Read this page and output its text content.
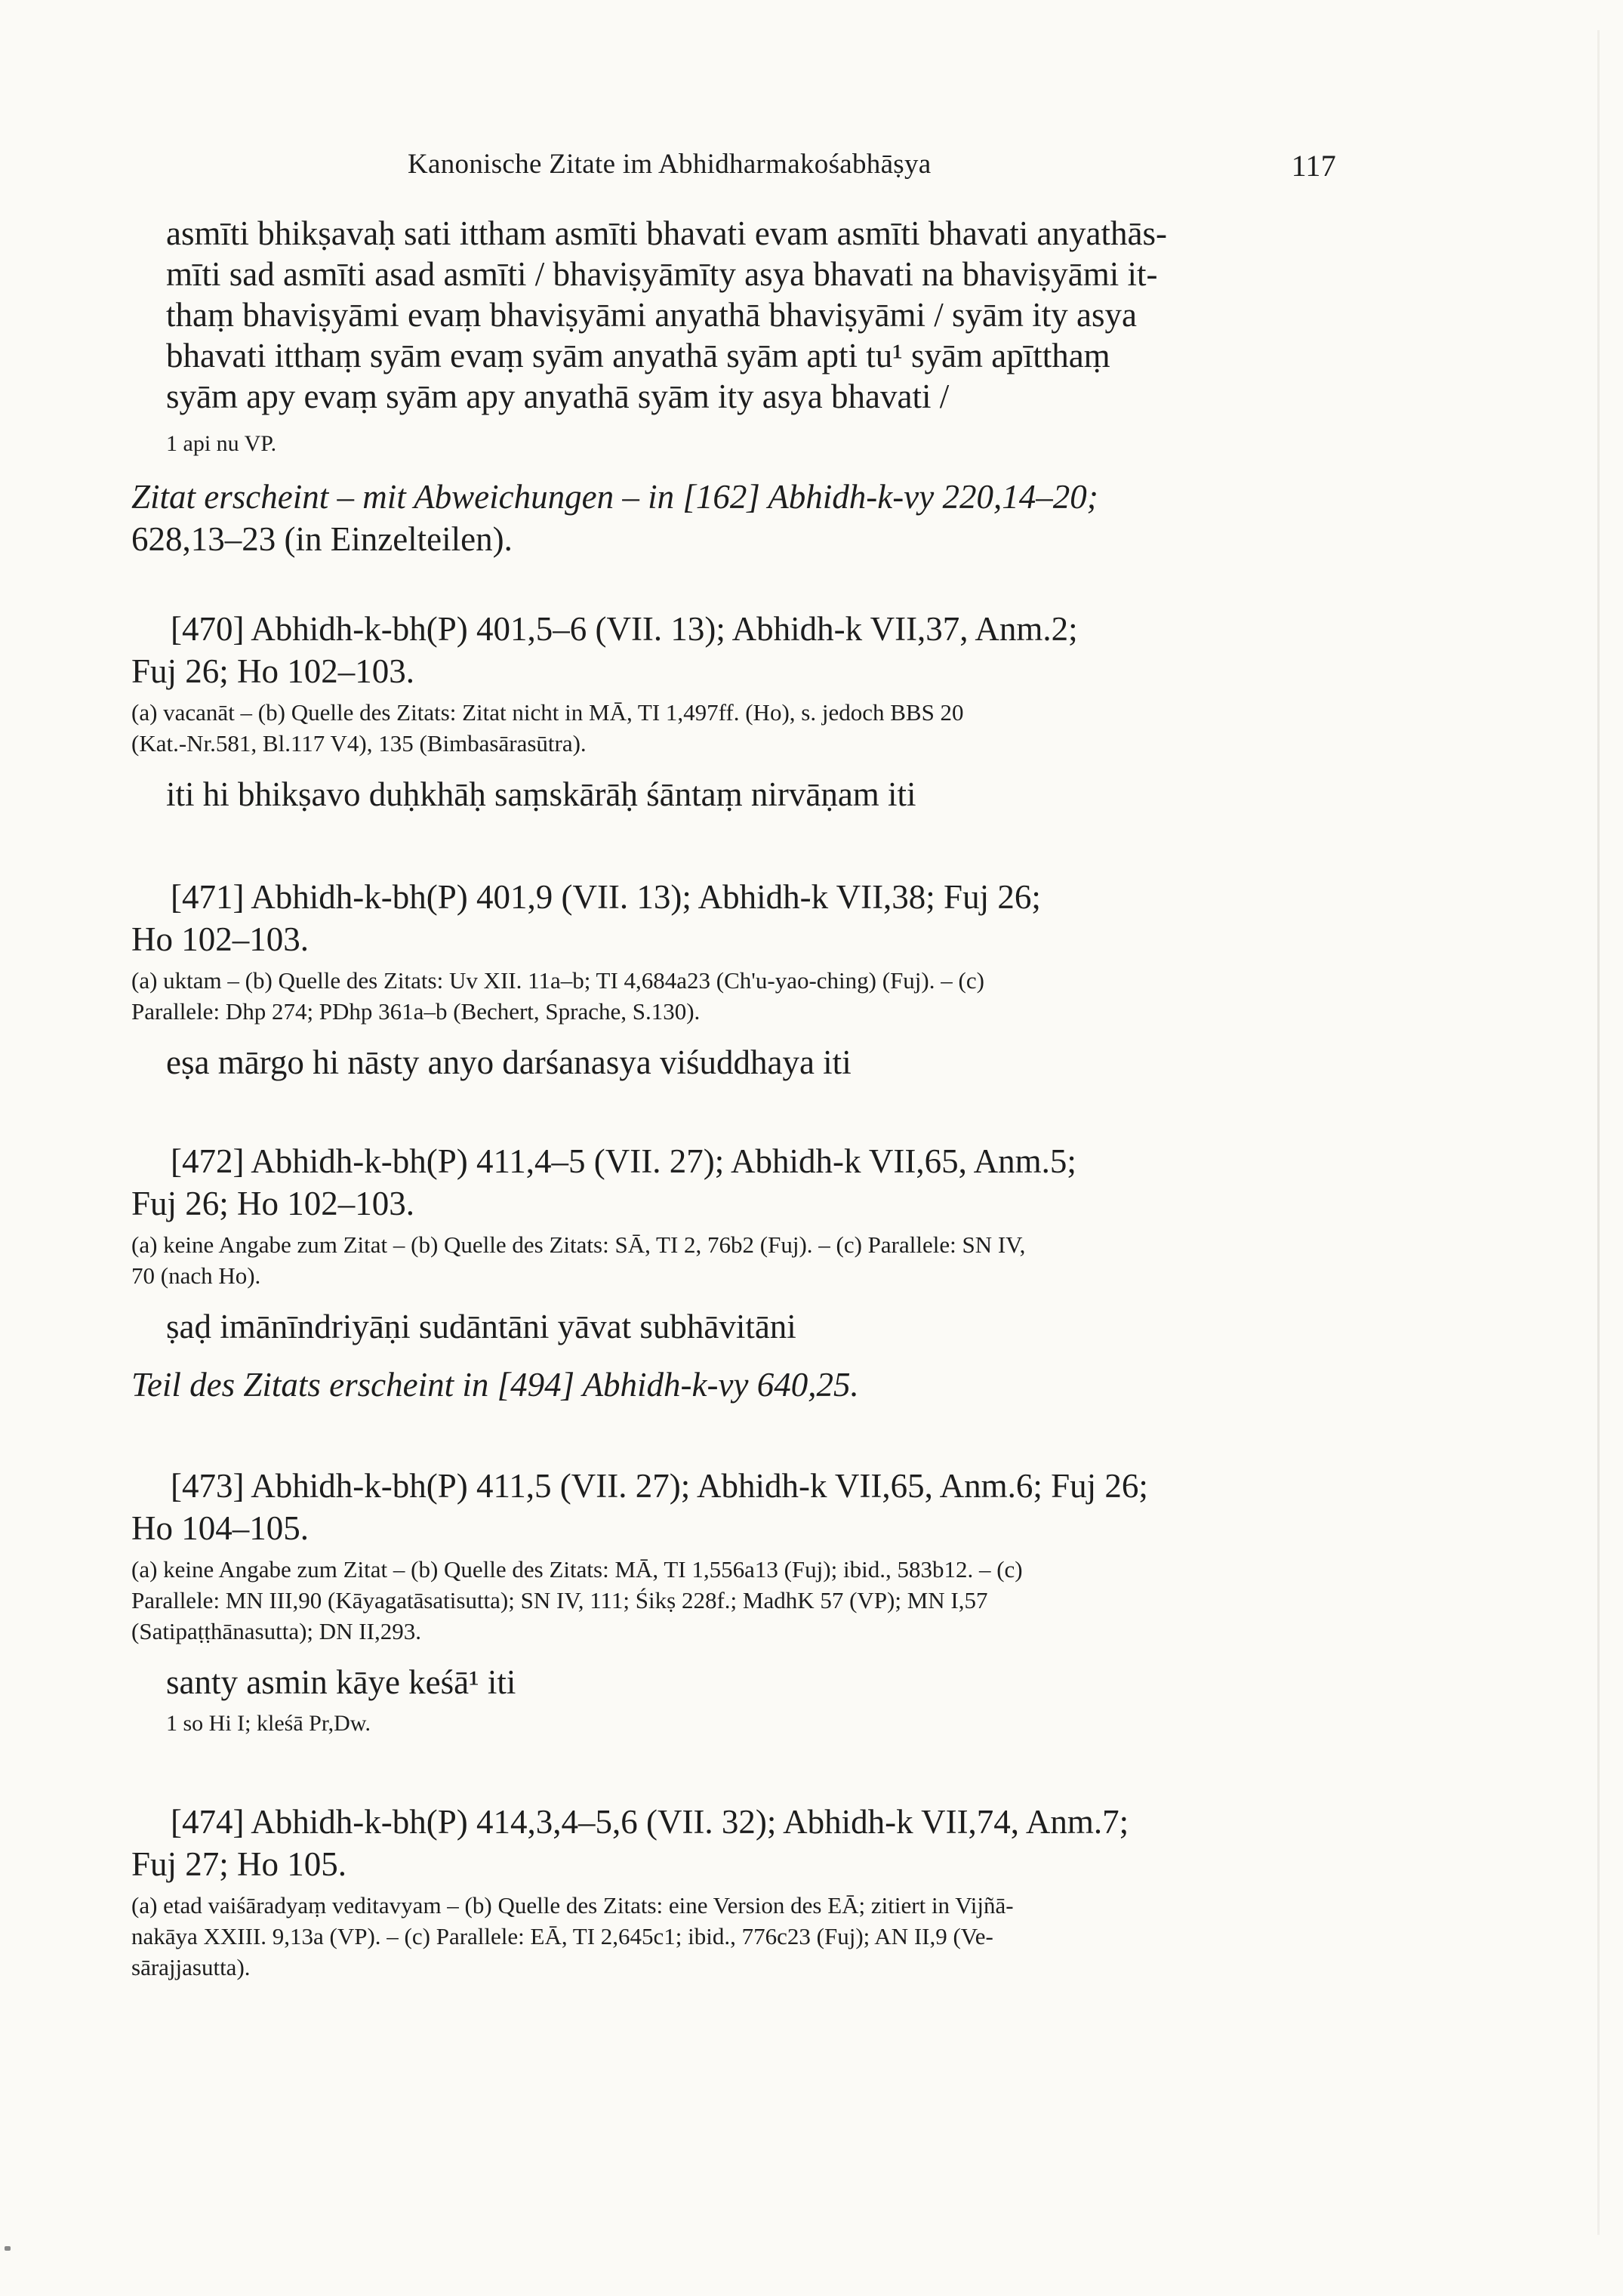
Kanonische Zitate im Abhidharmakośabhāṣya	117
asmīti bhikṣavaḥ sati ittham asmīti bhavati evam asmīti bhavati anyathās-
mīti sad asmīti asad asmīti / bhaviṣyāmīty asya bhavati na bhaviṣyāmi it-
thaṃ bhaviṣyāmi evaṃ bhaviṣyāmi anyathā bhaviṣyāmi / syām ity asya
bhavati itthaṃ syām evaṃ syām anyathā syām apti tu¹ syām apītthaṃ
syām apy evaṃ syām apy anyathā syām ity asya bhavati /
1 api nu VP.
Zitat erscheint – mit Abweichungen – in [162] Abhidh-k-vy 220,14–20;
628,13–23 (in Einzelteilen).
[470] Abhidh-k-bh(P) 401,5–6 (VII. 13); Abhidh-k VII,37, Anm.2;
Fuj 26; Ho 102–103.
(a) vacanāt – (b) Quelle des Zitats: Zitat nicht in MĀ, TI 1,497ff. (Ho), s. jedoch BBS 20
(Kat.-Nr.581, Bl.117 V4), 135 (Bimbasārasūtra).
iti hi bhikṣavo duḥkhāḥ saṃskārāḥ śāntaṃ nirvāṇam iti
[471] Abhidh-k-bh(P) 401,9 (VII. 13); Abhidh-k VII,38; Fuj 26;
Ho 102–103.
(a) uktam – (b) Quelle des Zitats: Uv XII. 11a–b; TI 4,684a23 (Ch'u-yao-ching) (Fuj). – (c)
Parallele: Dhp 274; PDhp 361a–b (Bechert, Sprache, S.130).
eṣa mārgo hi nāsty anyo darśanasya viśuddhaya iti
[472] Abhidh-k-bh(P) 411,4–5 (VII. 27); Abhidh-k VII,65, Anm.5;
Fuj 26; Ho 102–103.
(a) keine Angabe zum Zitat – (b) Quelle des Zitats: SĀ, TI 2, 76b2 (Fuj). – (c) Parallele: SN IV,
70 (nach Ho).
ṣaḍ imānīndriyāṇi sudāntāni yāvat subhāvitāni
Teil des Zitats erscheint in [494] Abhidh-k-vy 640,25.
[473] Abhidh-k-bh(P) 411,5 (VII. 27); Abhidh-k VII,65, Anm.6; Fuj 26;
Ho 104–105.
(a) keine Angabe zum Zitat – (b) Quelle des Zitats: MĀ, TI 1,556a13 (Fuj); ibid., 583b12. – (c)
Parallele: MN III,90 (Kāyagatāsatisutta); SN IV, 111; Śikṣ 228f.; MadhK 57 (VP); MN I,57
(Satipaṭṭhānasutta); DN II,293.
santy asmin kāye keśā¹ iti
1 so Hi I; kleśā Pr,Dw.
[474] Abhidh-k-bh(P) 414,3,4–5,6 (VII. 32); Abhidh-k VII,74, Anm.7;
Fuj 27; Ho 105.
(a) etad vaiśāradyaṃ veditavyam – (b) Quelle des Zitats: eine Version des EĀ; zitiert in Vijñā-
nakāya XXIII. 9,13a (VP). – (c) Parallele: EĀ, TI 2,645c1; ibid., 776c23 (Fuj); AN II,9 (Ve-
sārajjasutta).
